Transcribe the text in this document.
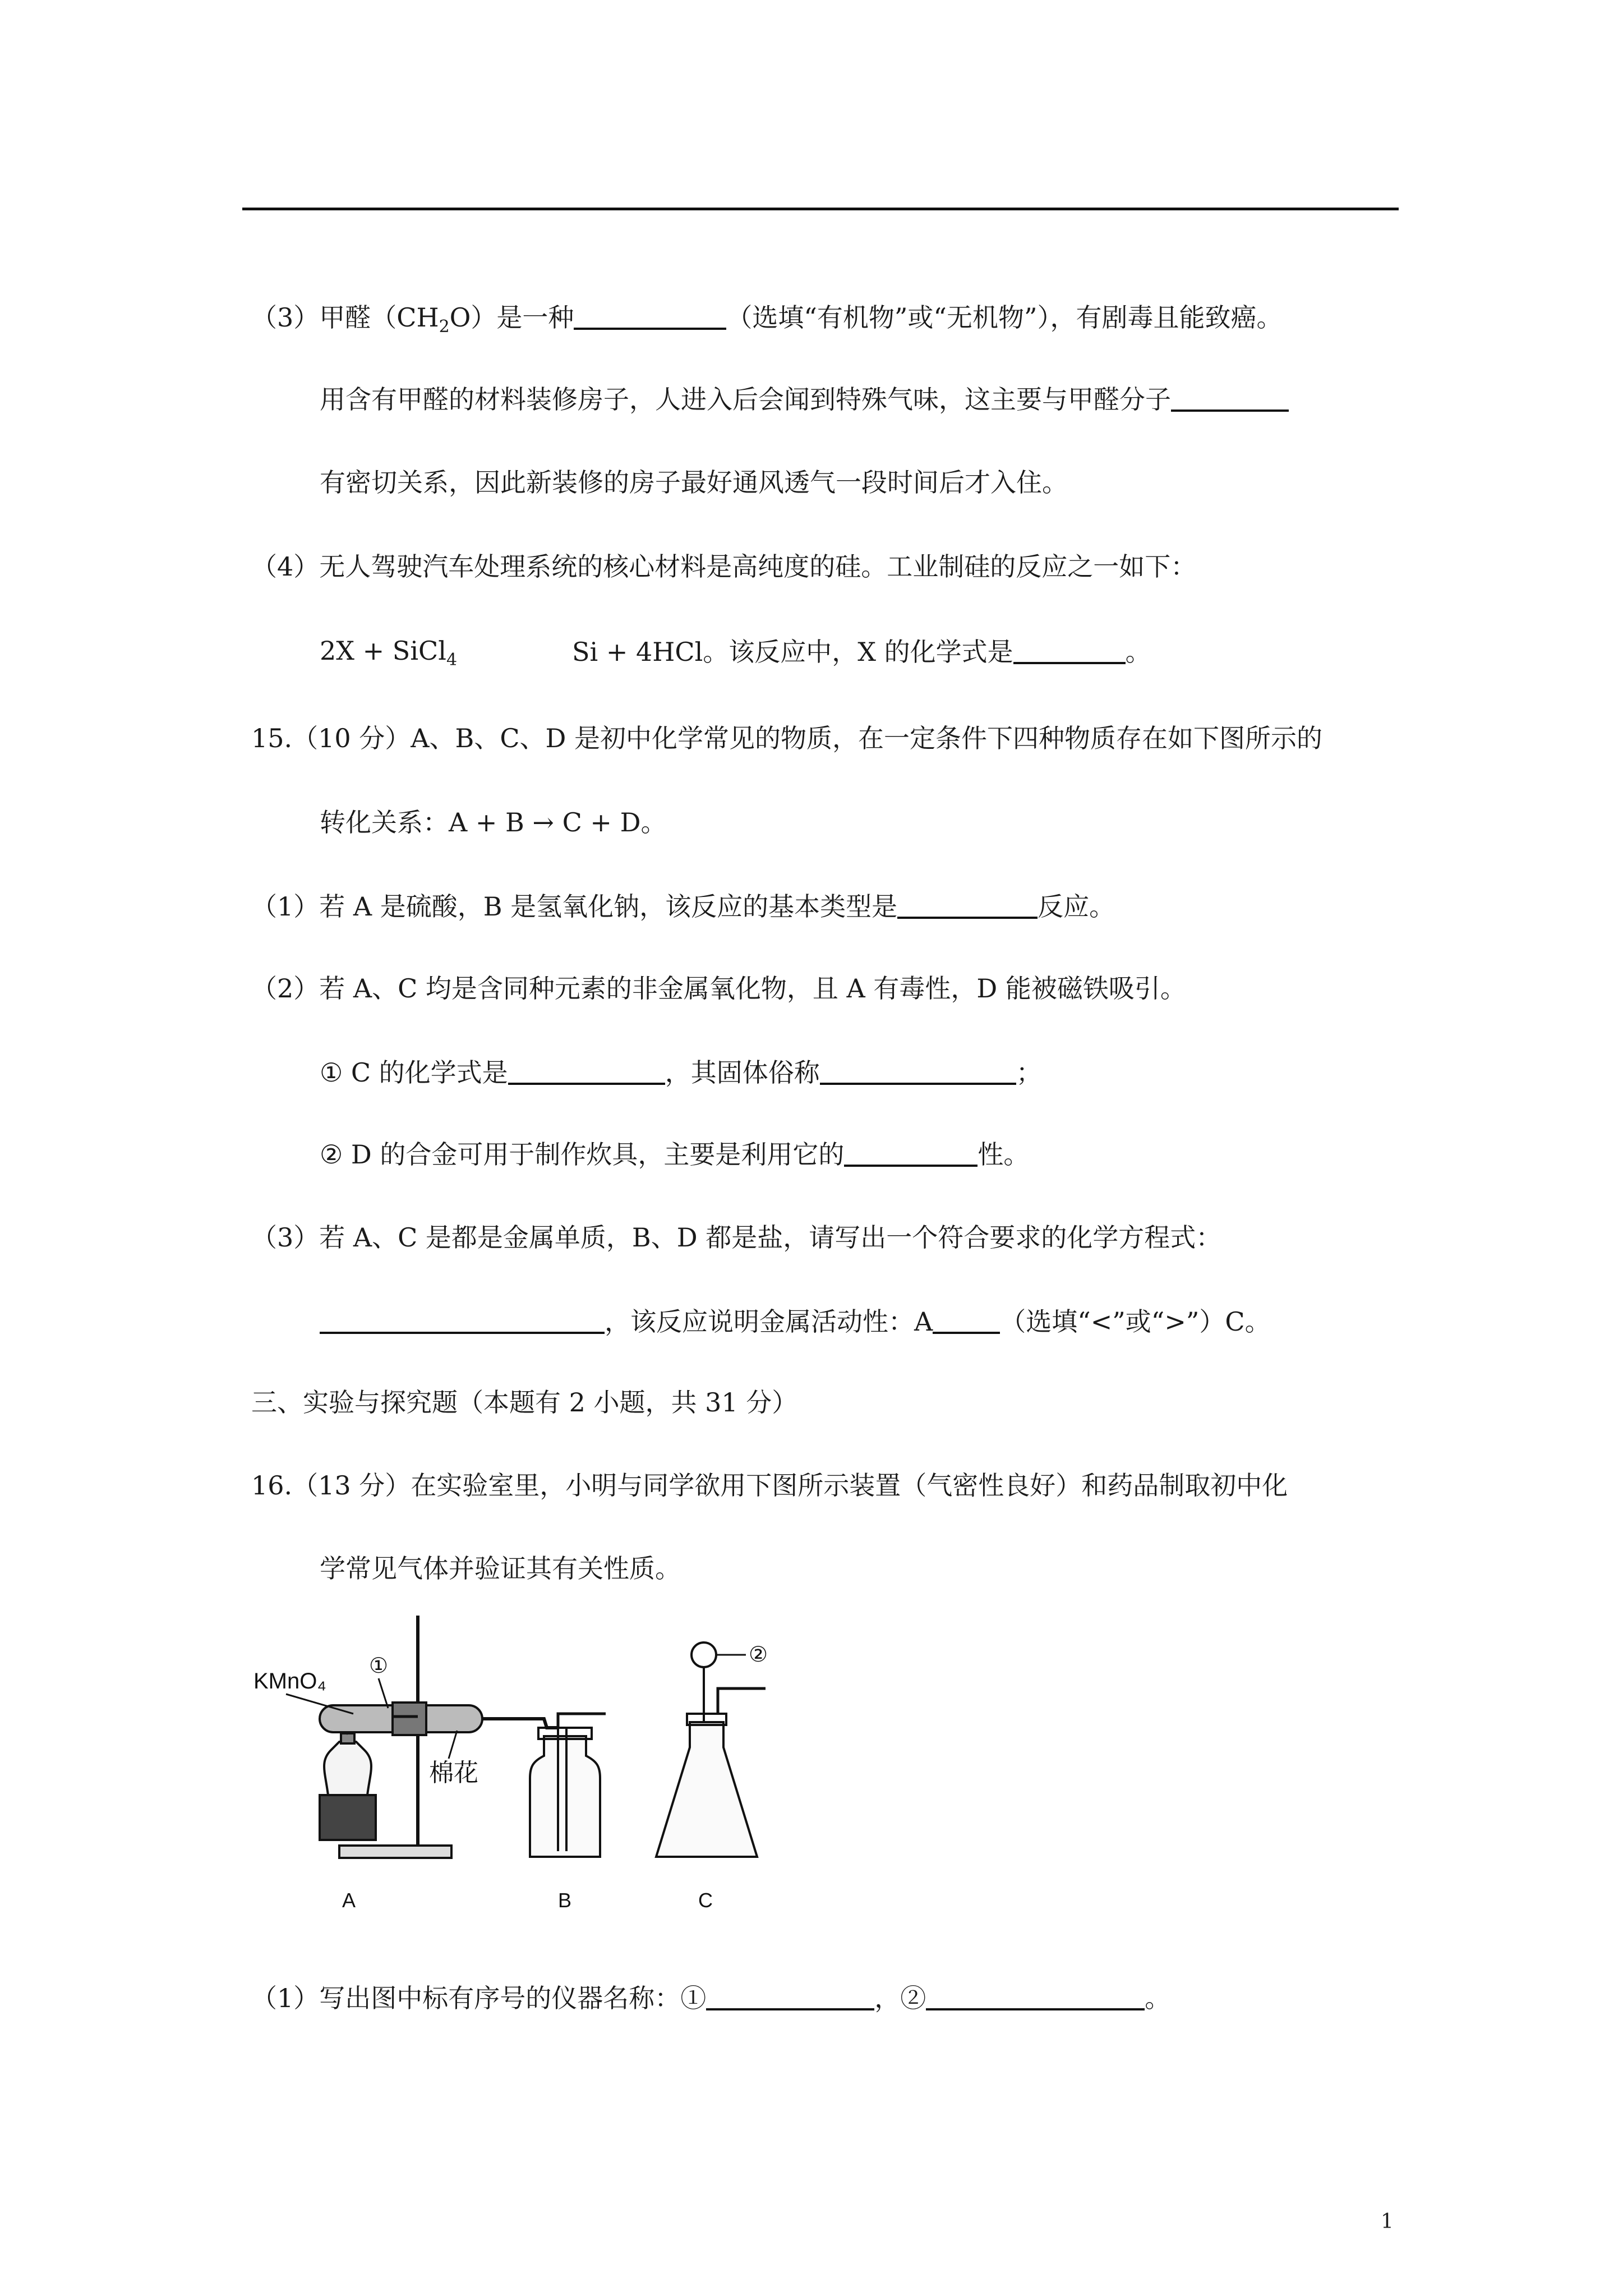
（3）甲醛$(CH_2O)$是一种	（选填“有机物”或“无机物”），有剧毒且能致癌。
用含有甲醛的材料装修房子，人进入后会闻到特殊气味，这主要与甲醛分子
有密切关系，因此新装修的房子最好通风透气一段时间后才入住。
（4）无人驾驶汽车处理系统的核心材料是高纯度的硅。工业制硅的反应之一如下：
2X + SiCl$_4$	Si + 4HCl。该反应中，X 的化学式是	。
15.（10 分）A、B、C、D 是初中化学常见的物质，在一定条件下四种物质存在如下图所示的
转化关系：A + B → C + D。
（1）若 A 是硫酸，B 是氢氧化钠，该反应的基本类型是	反应。
（2）若 A、C 均是含同种元素的非金属氧化物，且 A 有毒性，D 能被磁铁吸引。
① C 的化学式是	，其固体俗称	；
② D 的合金可用于制作炊具，主要是利用它的	性。
（3）若 A、C 是都是金属单质，B、D 都是盐，请写出一个符合要求的化学方程式：
，该反应说明金属活动性：A	（选填“<”或“>”）C。
三、实验与探究题（本题有 2 小题，共 31 分）
16.（13 分）在实验室里，小明与同学欲用下图所示装置（气密性良好）和药品制取初中化
学常见气体并验证其有关性质。
KMnO₄
①
棉花
②
A	B	C
（1）写出图中标有序号的仪器名称：①	，②	。
1
